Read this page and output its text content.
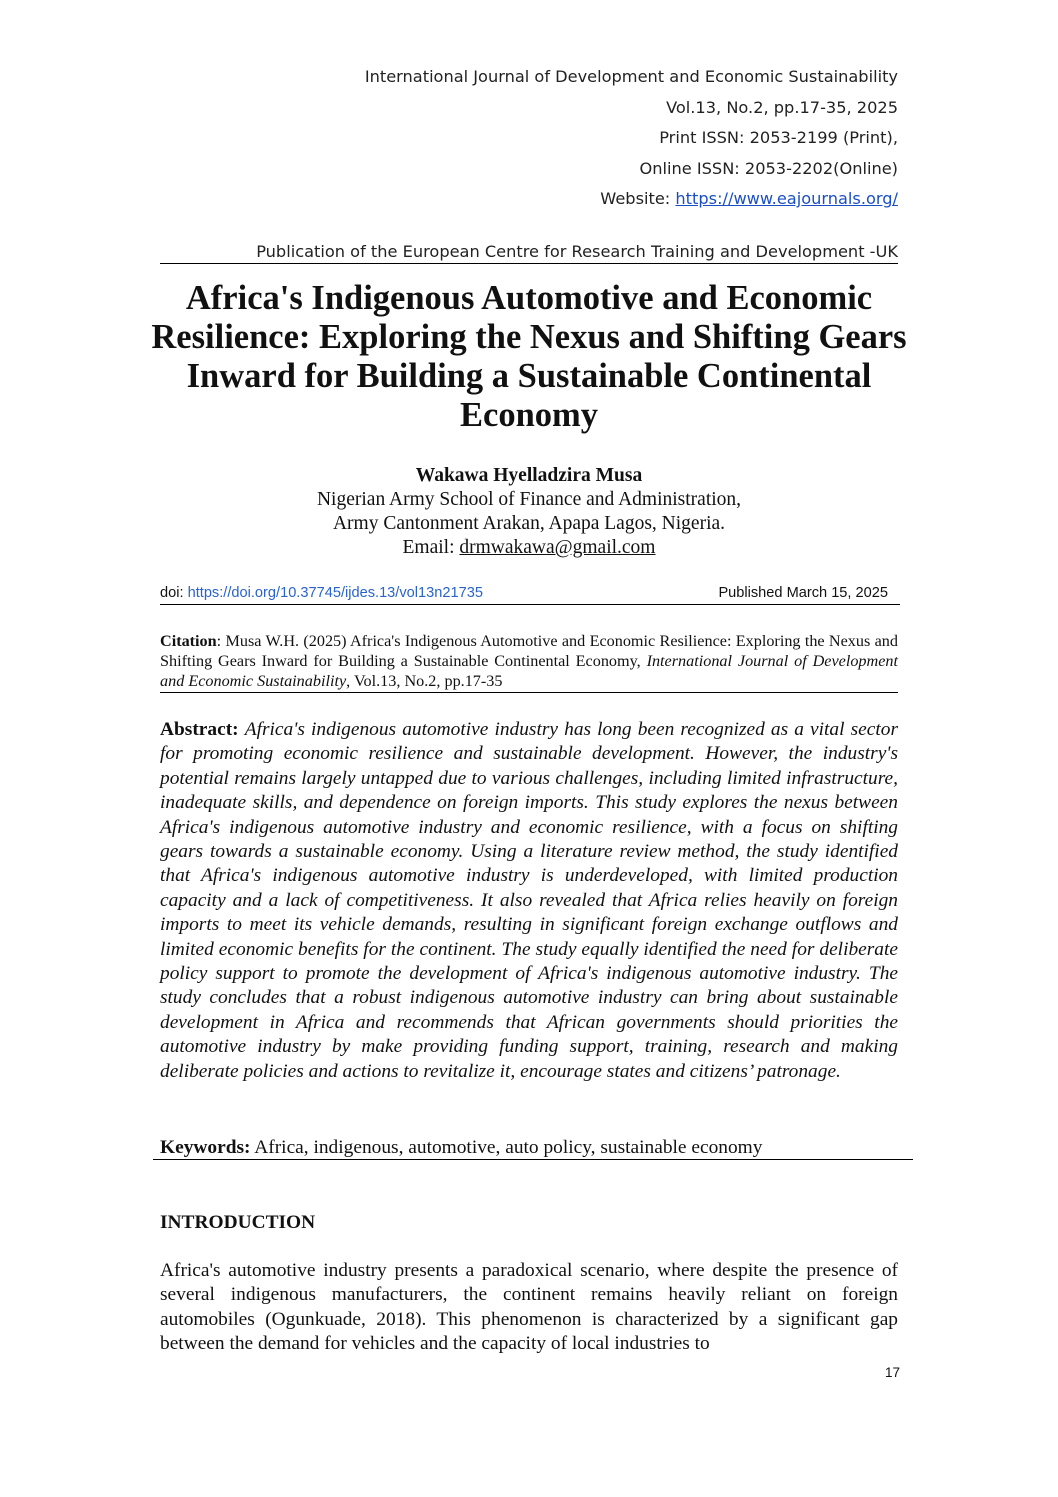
International Journal of Development and Economic Sustainability
Vol.13, No.2, pp.17-35, 2025
Print ISSN: 2053-2199 (Print),
Online ISSN: 2053-2202(Online)
Website: https://www.eajournals.org/
Publication of the European Centre for Research Training and Development -UK
Africa's Indigenous Automotive and Economic Resilience: Exploring the Nexus and Shifting Gears Inward for Building a Sustainable Continental Economy
Wakawa Hyelladzira Musa
Nigerian Army School of Finance and Administration,
Army Cantonment Arakan, Apapa Lagos, Nigeria.
Email: drmwakawa@gmail.com
doi: https://doi.org/10.37745/ijdes.13/vol13n21735	Published March 15, 2025
Citation: Musa W.H. (2025) Africa's Indigenous Automotive and Economic Resilience: Exploring the Nexus and Shifting Gears Inward for Building a Sustainable Continental Economy, International Journal of Development and Economic Sustainability, Vol.13, No.2, pp.17-35
Abstract: Africa's indigenous automotive industry has long been recognized as a vital sector for promoting economic resilience and sustainable development. However, the industry's potential remains largely untapped due to various challenges, including limited infrastructure, inadequate skills, and dependence on foreign imports. This study explores the nexus between Africa's indigenous automotive industry and economic resilience, with a focus on shifting gears towards a sustainable economy. Using a literature review method, the study identified that Africa's indigenous automotive industry is underdeveloped, with limited production capacity and a lack of competitiveness. It also revealed that Africa relies heavily on foreign imports to meet its vehicle demands, resulting in significant foreign exchange outflows and limited economic benefits for the continent. The study equally identified the need for deliberate policy support to promote the development of Africa's indigenous automotive industry. The study concludes that a robust indigenous automotive industry can bring about sustainable development in Africa and recommends that African governments should priorities the automotive industry by make providing funding support, training, research and making deliberate policies and actions to revitalize it, encourage states and citizens’ patronage.
Keywords: Africa, indigenous, automotive, auto policy, sustainable economy
INTRODUCTION

Africa's automotive industry presents a paradoxical scenario, where despite the presence of several indigenous manufacturers, the continent remains heavily reliant on foreign automobiles (Ogunkuade, 2018). This phenomenon is characterized by a significant gap between the demand for vehicles and the capacity of local industries to

17
